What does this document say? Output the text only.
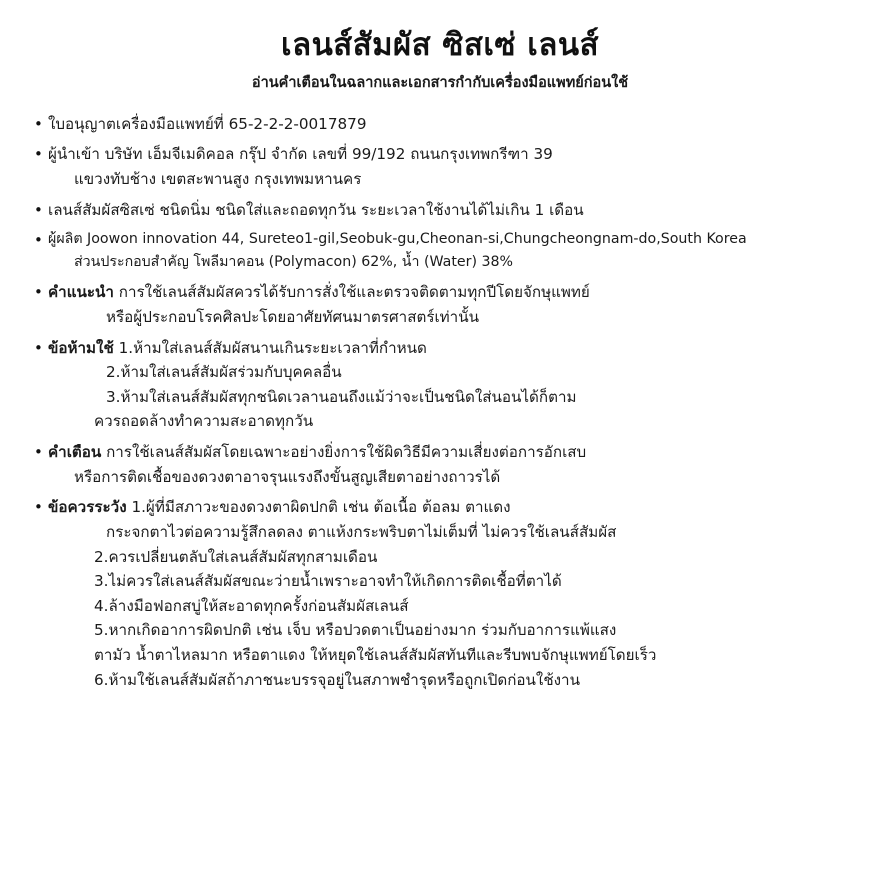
เลนส์สัมผัส ซิสเซ่ เลนส์
อ่านคำเตือนในฉลากและเอกสารกำกับเครื่องมือแพทย์ก่อนใช้
• ใบอนุญาตเครื่องมือแพทย์ที่ 65-2-2-2-0017879
• ผู้นำเข้า บริษัท เอ็มจีเมดิคอล กรุ๊ป จำกัด เลขที่ 99/192 ถนนกรุงเทพกรีฑา 39
แขวงทับช้าง เขตสะพานสูง กรุงเทพมหานคร
• เลนส์สัมผัสซิสเซ่ ชนิดนิ่ม ชนิดใส่และถอดทุกวัน ระยะเวลาใช้งานได้ไม่เกิน 1 เดือน
• ผู้ผลิต Joowon innovation 44, Sureteo1-gil,Seobuk-gu,Cheonan-si,Chungcheongnam-do,South Korea
ส่วนประกอบสำคัญ โพลีมาคอน (Polymacon) 62%, น้ำ (Water) 38%
• คำแนะนำ การใช้เลนส์สัมผัสควรได้รับการสั่งใช้และตรวจติดตามทุกปีโดยจักษุแพทย์
หรือผู้ประกอบโรคศิลปะโดยอาศัยทัศนมาตรศาสตร์เท่านั้น
• ข้อห้ามใช้ 1.ห้ามใส่เลนส์สัมผัสนานเกินระยะเวลาที่กำหนด
2.ห้ามใส่เลนส์สัมผัสร่วมกับบุคคลอื่น
3.ห้ามใส่เลนส์สัมผัสทุกชนิดเวลานอนถึงแม้ว่าจะเป็นชนิดใส่นอนได้ก็ตาม
ควรถอดล้างทำความสะอาดทุกวัน
• คำเตือน การใช้เลนส์สัมผัสโดยเฉพาะอย่างยิ่งการใช้ผิดวิธีมีความเสี่ยงต่อการอักเสบ
หรือการติดเชื้อของดวงตาอาจรุนแรงถึงขั้นสูญเสียตาอย่างถาวรได้
• ข้อควรระวัง 1.ผู้ที่มีสภาวะของดวงตาผิดปกติ เช่น ต้อเนื้อ ต้อลม ตาแดง
กระจกตาไวต่อความรู้สึกลดลง ตาแห้งกระพริบตาไม่เต็มที่ ไม่ควรใช้เลนส์สัมผัส
2.ควรเปลี่ยนตลับใส่เลนส์สัมผัสทุกสามเดือน
3.ไม่ควรใส่เลนส์สัมผัสขณะว่ายน้ำเพราะอาจทำให้เกิดการติดเชื้อที่ตาได้
4.ล้างมือฟอกสบู่ให้สะอาดทุกครั้งก่อนสัมผัสเลนส์
5.หากเกิดอาการผิดปกติ เช่น เจ็บ หรือปวดตาเป็นอย่างมาก ร่วมกับอาการแพ้แสง
ตามัว น้ำตาไหลมาก หรือตาแดง ให้หยุดใช้เลนส์สัมผัสทันทีและรีบพบจักษุแพทย์โดยเร็ว
6.ห้ามใช้เลนส์สัมผัสถ้าภาชนะบรรจุอยู่ในสภาพชำรุดหรือถูกเปิดก่อนใช้งาน
